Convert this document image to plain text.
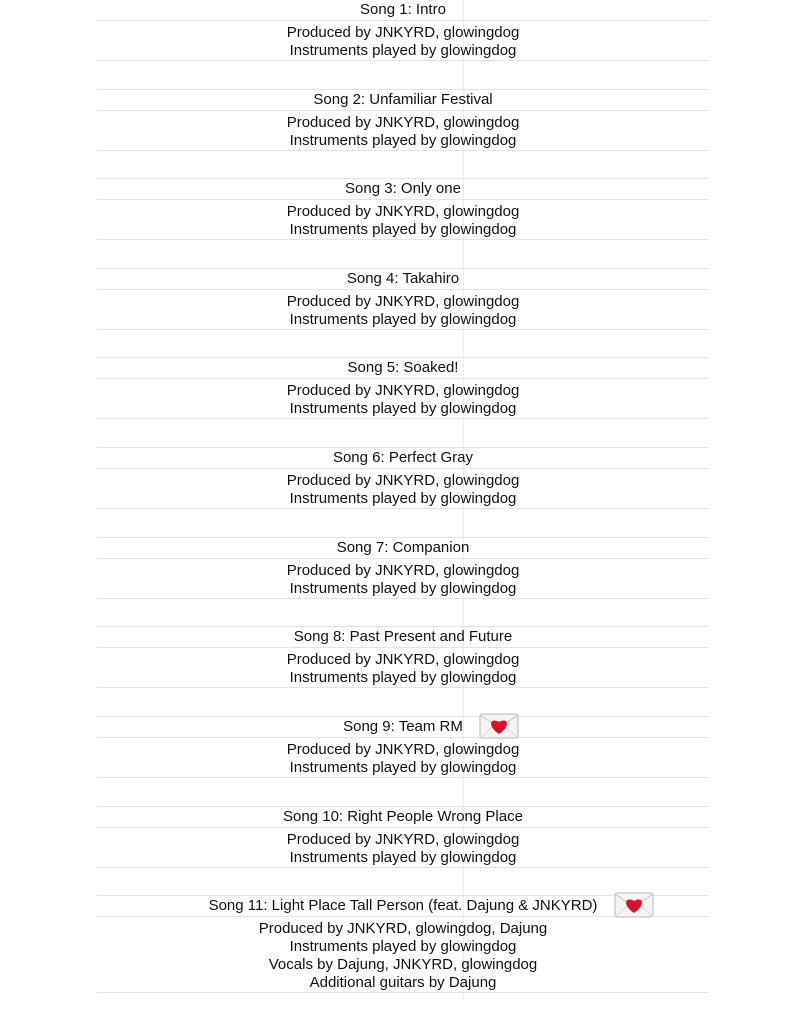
Song 1: Intro
Produced by JNKYRD, glowingdog
Instruments played by glowingdog
Song 2: Unfamiliar Festival
Produced by JNKYRD, glowingdog
Instruments played by glowingdog
Song 3: Only one
Produced by JNKYRD, glowingdog
Instruments played by glowingdog
Song 4: Takahiro
Produced by JNKYRD, glowingdog
Instruments played by glowingdog
Song 5: Soaked!
Produced by JNKYRD, glowingdog
Instruments played by glowingdog
Song 6: Perfect Gray
Produced by JNKYRD, glowingdog
Instruments played by glowingdog
Song 7: Companion
Produced by JNKYRD, glowingdog
Instruments played by glowingdog
Song 8: Past Present and Future
Produced by JNKYRD, glowingdog
Instruments played by glowingdog
Song 9: Team RM
Produced by JNKYRD, glowingdog
Instruments played by glowingdog
Song 10: Right People Wrong Place
Produced by JNKYRD, glowingdog
Instruments played by glowingdog
Song 11: Light Place Tall Person (feat. Dajung & JNKYRD)
Produced by JNKYRD, glowingdog, Dajung
Instruments played by glowingdog
Vocals by Dajung, JNKYRD, glowingdog
Additional guitars by Dajung
